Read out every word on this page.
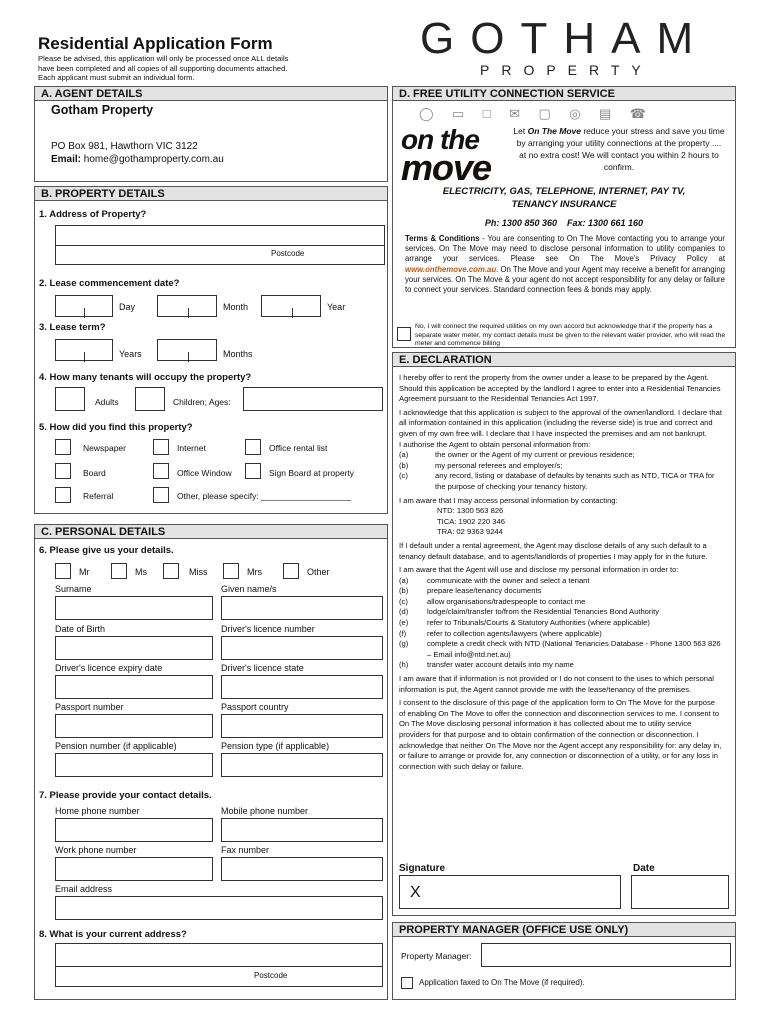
Residential Application Form
Please be advised, this application will only be processed once ALL details
have been completed and all copies of all supporting documents attached.
Each applicant must submit an individual form.
GOTHAM
PROPERTY
A. AGENT DETAILS
Gotham Property
PO Box 981, Hawthorn VIC 3122
Email: home@gothamproperty.com.au
B. PROPERTY DETAILS
1. Address of Property?
Postcode
2. Lease commencement date?
Day	Month	Year
3. Lease term?
Years	Months
4. How many tenants will occupy the property?
Adults	Children; Ages:
5. How did you find this property?
Newspaper	Internet	Office rental list
Board	Office Window	Sign Board at property
Referral	Other, please specify: ___________________
C. PERSONAL DETAILS
6. Please give us your details.
Mr	Ms	Miss	Mrs	Other
Surname	Given name/s
Date of Birth	Driver's licence number
Driver's licence expiry date	Driver's licence state
Passport number	Passport country
Pension number (if applicable)	Pension type (if applicable)
7. Please provide your contact details.
Home phone number	Mobile phone number
Work phone number	Fax number
Email address
8. What is your current address?
Postcode
D. FREE UTILITY CONNECTION SERVICE
◯ ▭ □ ✉ ▢ ◎ ▤ ☎
on the
move
Let On The Move reduce your stress and save you time by arranging your utility connections at the property .... at no extra cost! We will contact you within 2 hours to confirm.
ELECTRICITY, GAS, TELEPHONE, INTERNET, PAY TV,
TENANCY INSURANCE
Ph: 1300 850 360 Fax: 1300 661 160
Terms & Conditions - You are consenting to On The Move contacting you to arrange your services. On The Move may need to disclose personal information to utility companies to arrange your services. Please see On The Move's Privacy Policy at www.onthemove.com.au. On The Move and your Agent may receive a benefit for arranging your services. On The Move & your agent do not accept responsibility for any delay or failure to connect your services. Standard connection fees & bonds may apply.
No, I will connect the required utilities on my own accord but acknowledge that if the property has a separate water meter, my contact details must be given to the relevant water provider, who will read the meter and commence billing
E. DECLARATION

I hereby offer to rent the property from the owner under a lease to be prepared by the Agent. Should this application be accepted by the landlord I agree to enter into a Residential Tenancies Agreement pursuant to the Residential Tenancies Act 1997.

I acknowledge that this application is subject to the approval of the owner/landlord. I declare that all information contained in this application (including the reverse side) is true and correct and given of my own free will. I declare that I have inspected the premises and am not bankrupt.

I authorise the Agent to obtain personal information from:

(a)	the owner or the Agent of my current or previous residence;
(b)	my personal referees and employer/s;
(c)	any record, listing or database of defaults by tenants such as NTD, TICA or TRA for the purpose of checking your tenancy history.

I am aware that I may access personal information by contacting:

NTD: 1300 563 826
TICA: 1902 220 346
TRA: 02 9363 9244

If I default under a rental agreement, the Agent may disclose details of any such default to a tenancy default database, and to agents/landlords of properties I may apply for in the future.

I am aware that the Agent will use and disclose my personal information in order to:

(a) communicate with the owner and select a tenant
(b) prepare lease/tenancy documents
(c)	allow organisations/tradespeople to contact me
(d) lodge/claim/transfer to/from the Residential Tenancies Bond Authority
(e) refer to Tribunals/Courts & Statutory Authorities (where applicable)
(f)	refer to collection agents/lawyers (where applicable)
(g)	complete a credit check with NTD (National Tenancies Database - Phone 1300 563 826 – Email info@ntd.net.au)
(h) transfer water account details into my name

I am aware that if information is not provided or I do not consent to the uses to which personal information is put, the Agent cannot provide me with the lease/tenancy of the premises.

I consent to the disclosure of this page of the application form to On The Move for the purpose of enabling On The Move to offer the connection and disconnection services to me. I consent to On The Move disclosing personal information it has collected about me to utility service providers for that purpose and to obtain confirmation of the connection or disconnection. I acknowledge that neither On The Move nor the Agent accept any responsibility for: any delay in, or failure to arrange or provide for, any connection or disconnection of a utility, or for any loss in connection with such delay or failure.

Signature	Date
X
PROPERTY MANAGER (OFFICE USE ONLY)
Property Manager:
Application faxed to On The Move (if required).
